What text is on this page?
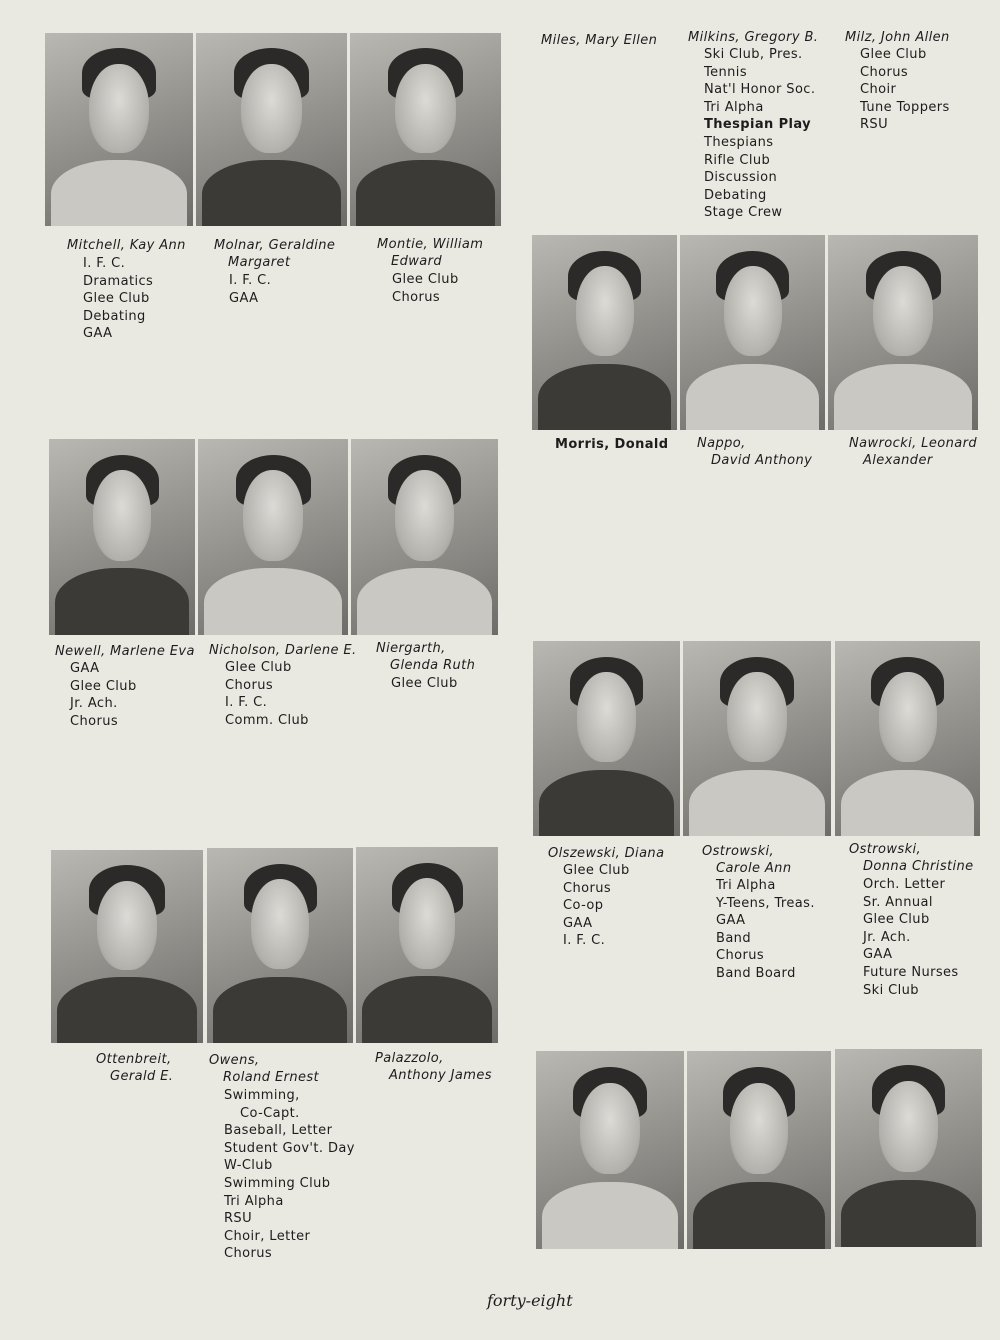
Mitchell, Kay Ann
I. F. C.
Dramatics
Glee Club
Debating
GAA
Molnar, Geraldine
Margaret
I. F. C.
GAA
Montie, William
Edward
Glee Club
Chorus
Miles, Mary Ellen Milkins, Gregory B.
Ski Club, Pres.
Tennis
Nat'l Honor Soc.
Tri Alpha
Thespian Play
Thespians
Rifle Club
Discussion
Debating
Stage Crew
Milz, John Allen
Glee Club
Chorus
Choir
Tune Toppers
RSU
Morris, Donald Nappo,
David Anthony
Nawrocki, Leonard
Alexander
Newell, Marlene Eva
GAA
Glee Club
Jr. Ach.
Chorus
Nicholson, Darlene E.
Glee Club
Chorus
I. F. C.
Comm. Club
Niergarth,
Glenda Ruth
Glee Club
Olszewski, Diana
Glee Club
Chorus
Co-op
GAA
I. F. C.
Ostrowski,
Carole Ann
Tri Alpha
Y-Teens, Treas.
GAA
Band
Chorus
Band Board
Ostrowski,
Donna Christine
Orch. Letter
Sr. Annual
Glee Club
Jr. Ach.
GAA
Future Nurses
Ski Club
Ottenbreit,
Gerald E.
Owens,
Roland Ernest
Swimming,
Co-Capt.
Baseball, Letter
Student Gov't. Day
W-Club
Swimming Club
Tri Alpha
RSU
Choir, Letter
Chorus
Palazzolo,
Anthony James
forty-eight
